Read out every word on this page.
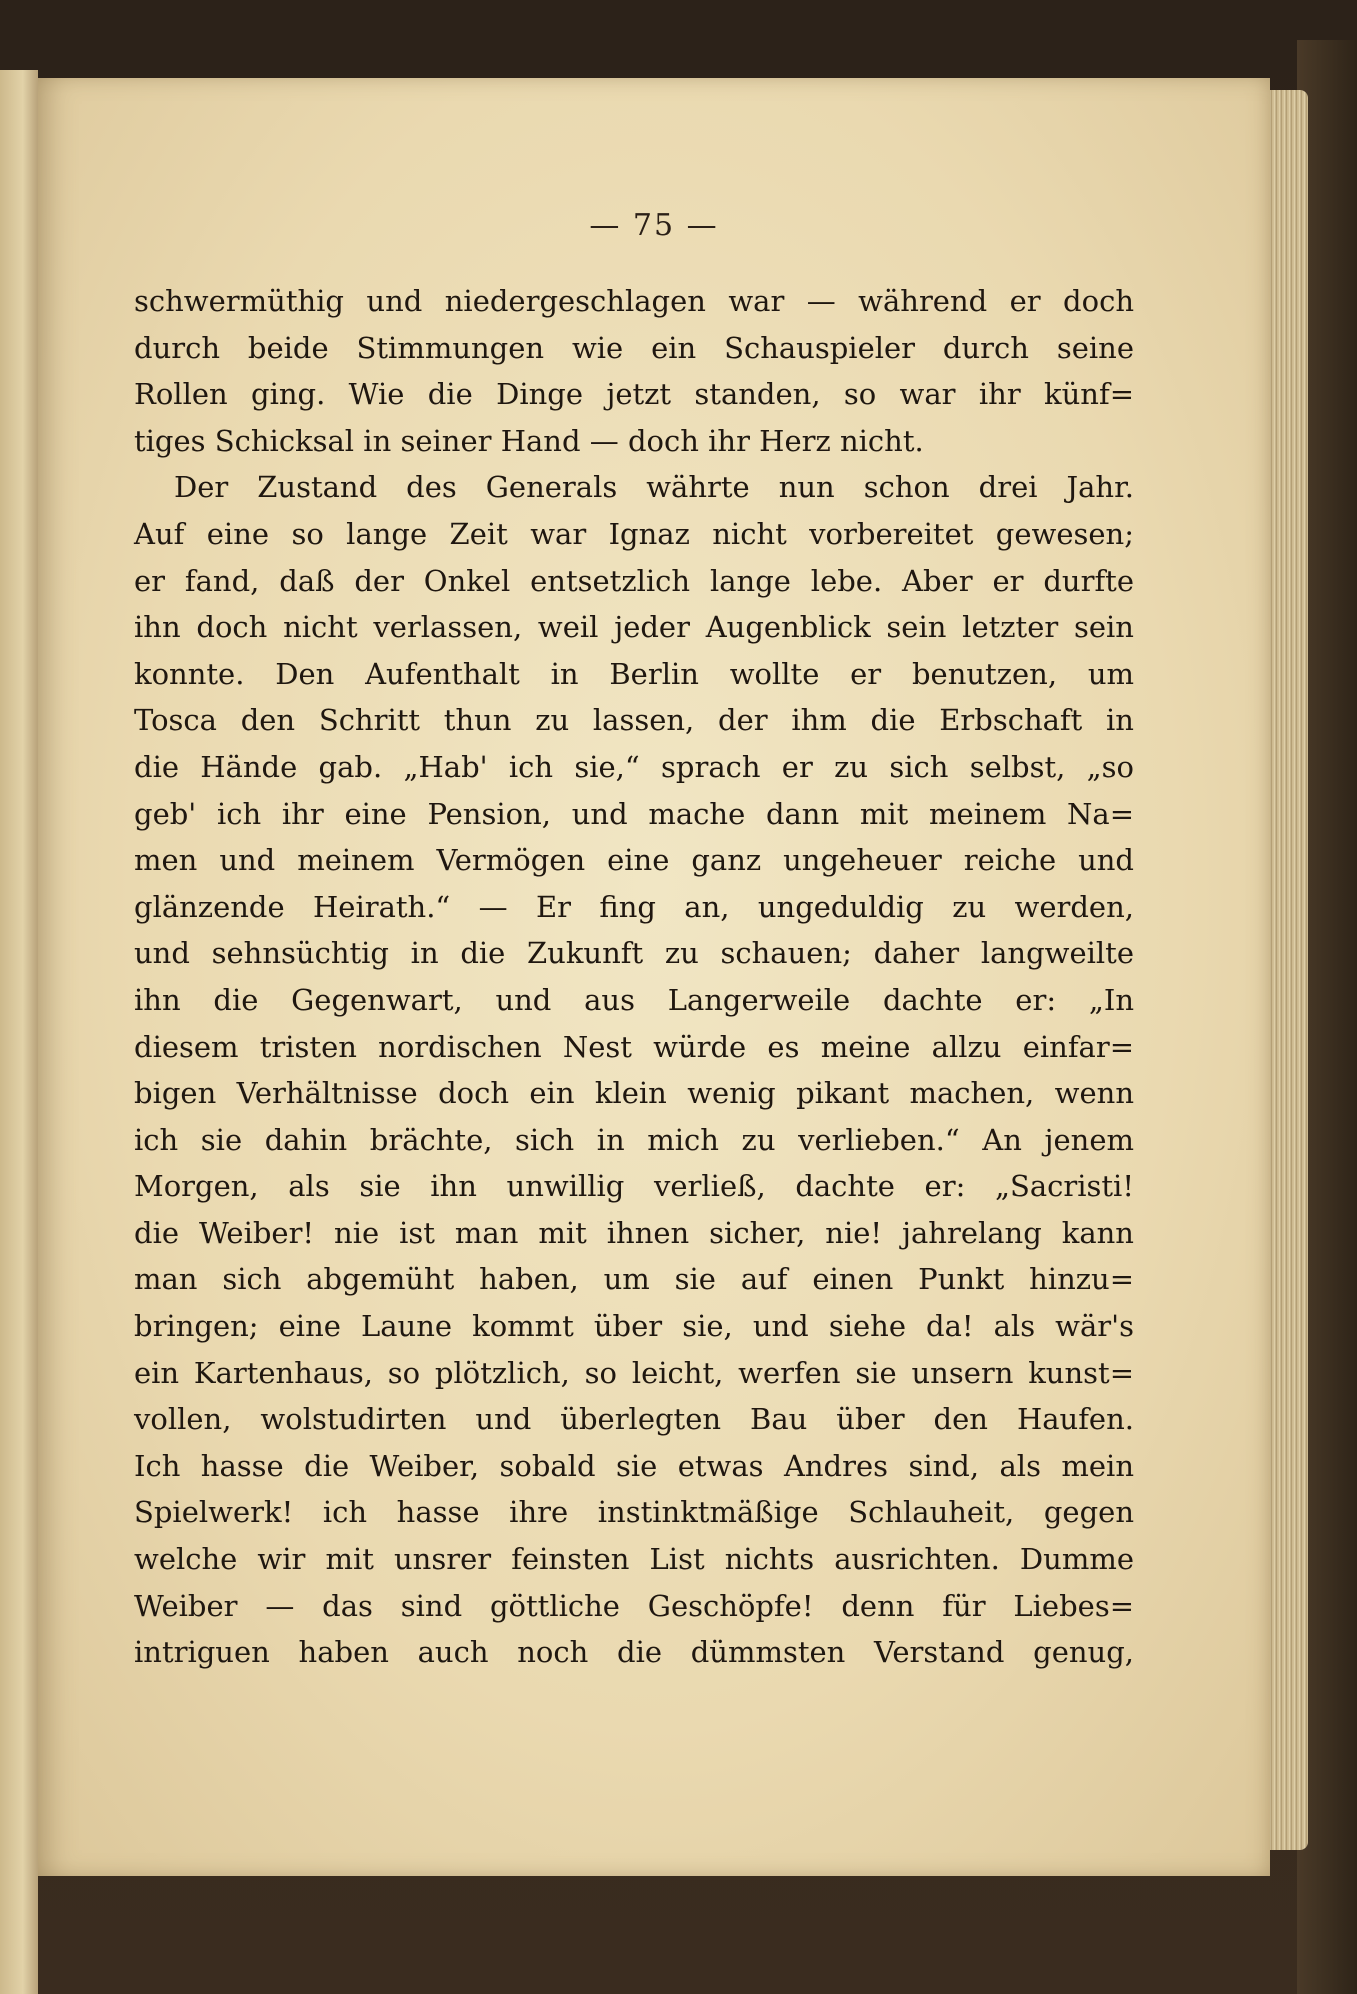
— 75 —
schwermüthig und niedergeschlagen war — während er doch
durch beide Stimmungen wie ein Schauspieler durch seine
Rollen ging. Wie die Dinge jetzt standen, so war ihr künf=
tiges Schicksal in seiner Hand — doch ihr Herz nicht.
Der Zustand des Generals währte nun schon drei Jahr.
Auf eine so lange Zeit war Ignaz nicht vorbereitet gewesen;
er fand, daß der Onkel entsetzlich lange lebe. Aber er durfte
ihn doch nicht verlassen, weil jeder Augenblick sein letzter sein
konnte. Den Aufenthalt in Berlin wollte er benutzen, um
Tosca den Schritt thun zu lassen, der ihm die Erbschaft in
die Hände gab. „Hab' ich sie,“ sprach er zu sich selbst, „so
geb' ich ihr eine Pension, und mache dann mit meinem Na=
men und meinem Vermögen eine ganz ungeheuer reiche und
glänzende Heirath.“ — Er fing an, ungeduldig zu werden,
und sehnsüchtig in die Zukunft zu schauen; daher langweilte
ihn die Gegenwart, und aus Langerweile dachte er: „In
diesem tristen nordischen Nest würde es meine allzu einfar=
bigen Verhältnisse doch ein klein wenig pikant machen, wenn
ich sie dahin brächte, sich in mich zu verlieben.“ An jenem
Morgen, als sie ihn unwillig verließ, dachte er: „Sacristi!
die Weiber! nie ist man mit ihnen sicher, nie! jahrelang kann
man sich abgemüht haben, um sie auf einen Punkt hinzu=
bringen; eine Laune kommt über sie, und siehe da! als wär's
ein Kartenhaus, so plötzlich, so leicht, werfen sie unsern kunst=
vollen, wolstudirten und überlegten Bau über den Haufen.
Ich hasse die Weiber, sobald sie etwas Andres sind, als mein
Spielwerk! ich hasse ihre instinktmäßige Schlauheit, gegen
welche wir mit unsrer feinsten List nichts ausrichten. Dumme
Weiber — das sind göttliche Geschöpfe! denn für Liebes=
intriguen haben auch noch die dümmsten Verstand genug,
